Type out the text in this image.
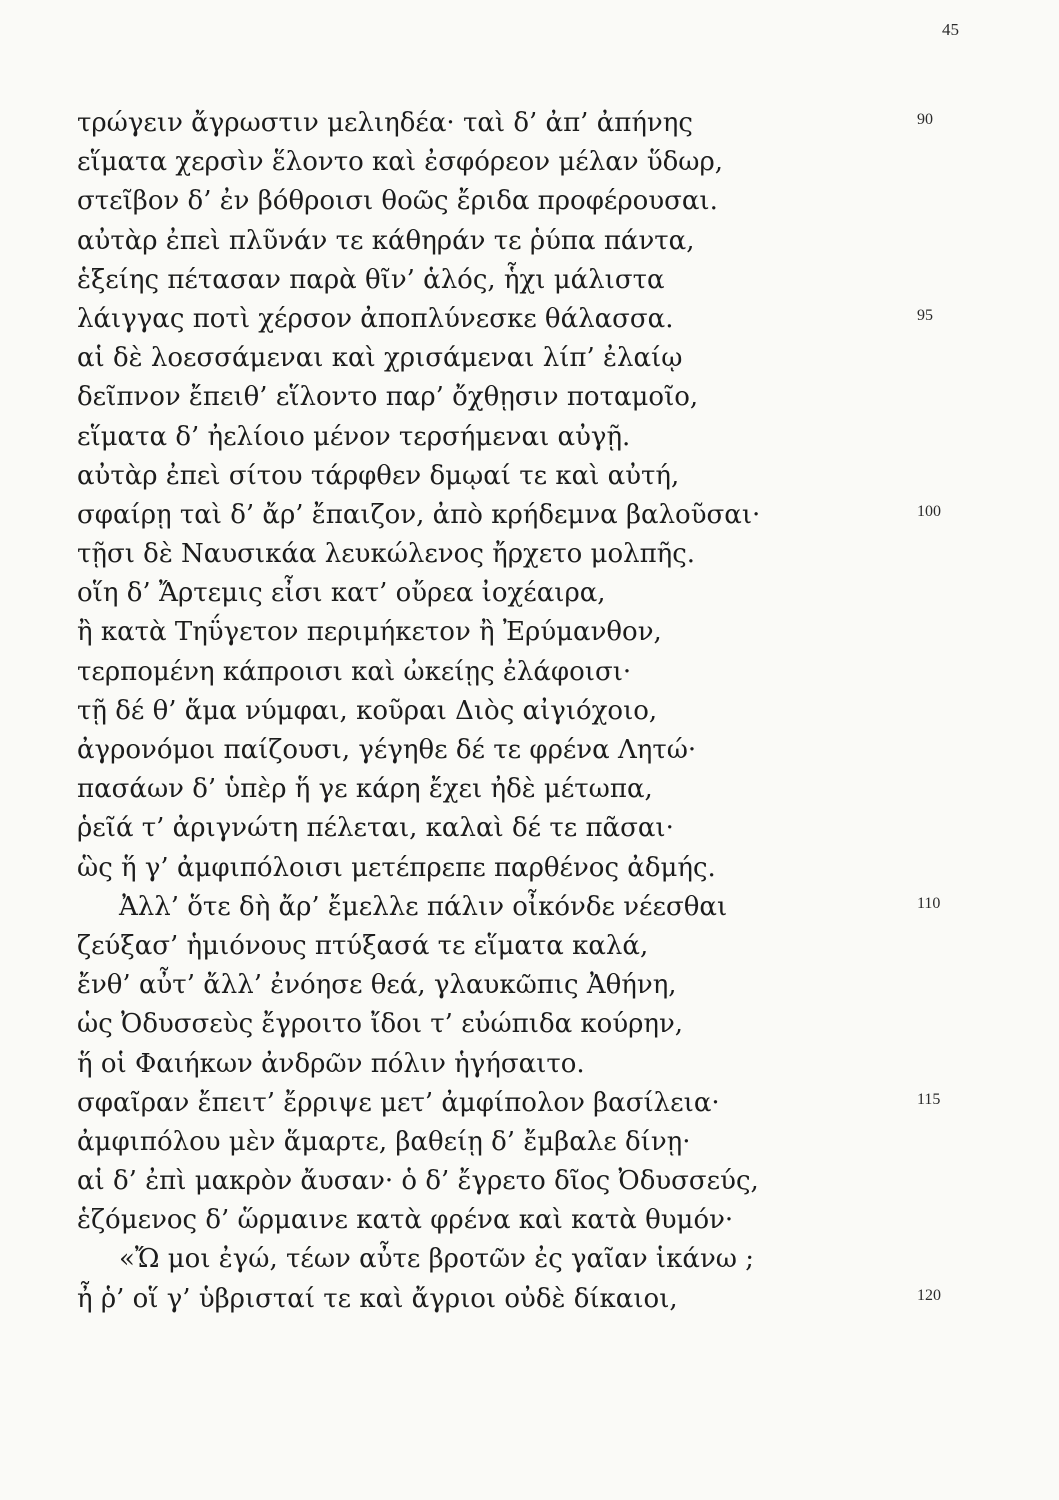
45
τρώγειν ἄγρωστιν μελιηδέα· ταὶ δ’ ἀπ’ ἀπήνης	90
εἵματα χερσὶν ἕλοντο καὶ ἐσφόρεον μέλαν ὕδωρ,
στεῖβον δ’ ἐν βόθροισι θοῶς ἔριδα προφέρουσαι.
αὐτὰρ ἐπεὶ πλῦνάν τε κάθηράν τε ῥύπα πάντα,
ἑξείης πέτασαν παρὰ θῖν’ ἁλός, ἧχι μάλιστα
λάιγγας ποτὶ χέρσον ἀποπλύνεσκε θάλασσα.	95
αἱ δὲ λοεσσάμεναι καὶ χρισάμεναι λίπ’ ἐλαίῳ
δεῖπνον ἔπειθ’ εἵλοντο παρ’ ὄχθῃσιν ποταμοῖο,
εἵματα δ’ ἠελίοιο μένον τερσήμεναι αὐγῇ.
αὐτὰρ ἐπεὶ σίτου τάρφθεν δμῳαί τε καὶ αὐτή,
σφαίρῃ ταὶ δ’ ἄρ’ ἔπαιζον, ἀπὸ κρήδεμνα βαλοῦσαι·	100
τῇσι δὲ Ναυσικάα λευκώλενος ἤρχετο μολπῆς.
οἵη δ’ Ἄρτεμις εἶσι κατ’ οὔρεα ἰοχέαιρα,
ἢ κατὰ Τηΰγετον περιμήκετον ἢ Ἐρύμανθον,
τερπομένη κάπροισι καὶ ὠκείῃς ἐλάφοισι·
τῇ δέ θ’ ἅμα νύμφαι, κοῦραι Διὸς αἰγιόχοιο,
ἀγρονόμοι παίζουσι, γέγηθε δέ τε φρένα Λητώ·
πασάων δ’ ὑπὲρ ἥ γε κάρη ἔχει ἠδὲ μέτωπα,
ῥεῖά τ’ ἀριγνώτη πέλεται, καλαὶ δέ τε πᾶσαι·
ὣς ἥ γ’ ἀμφιπόλοισι μετέπρεπε παρθένος ἀδμής.
Ἀλλ’ ὅτε δὴ ἄρ’ ἔμελλε πάλιν οἶκόνδε νέεσθαι	110
ζεύξασ’ ἡμιόνους πτύξασά τε εἵματα καλά,
ἔνθ’ αὖτ’ ἄλλ’ ἐνόησε θεά, γλαυκῶπις Ἀθήνη,
ὡς Ὀδυσσεὺς ἔγροιτο ἴδοι τ’ εὐώπιδα κούρην,
ἥ οἱ Φαιήκων ἀνδρῶν πόλιν ἡγήσαιτο.
σφαῖραν ἔπειτ’ ἔρριψε μετ’ ἀμφίπολον βασίλεια·	115
ἀμφιπόλου μὲν ἅμαρτε, βαθείῃ δ’ ἔμβαλε δίνῃ·
αἱ δ’ ἐπὶ μακρὸν ἄυσαν· ὁ δ’ ἔγρετο δῖος Ὀδυσσεύς,
ἑζόμενος δ’ ὥρμαινε κατὰ φρένα καὶ κατὰ θυμόν·
«Ὤ μοι ἐγώ, τέων αὖτε βροτῶν ἐς γαῖαν ἱκάνω ;
ἦ ῥ’ οἵ γ’ ὑβρισταί τε καὶ ἄγριοι οὐδὲ δίκαιοι,	120
